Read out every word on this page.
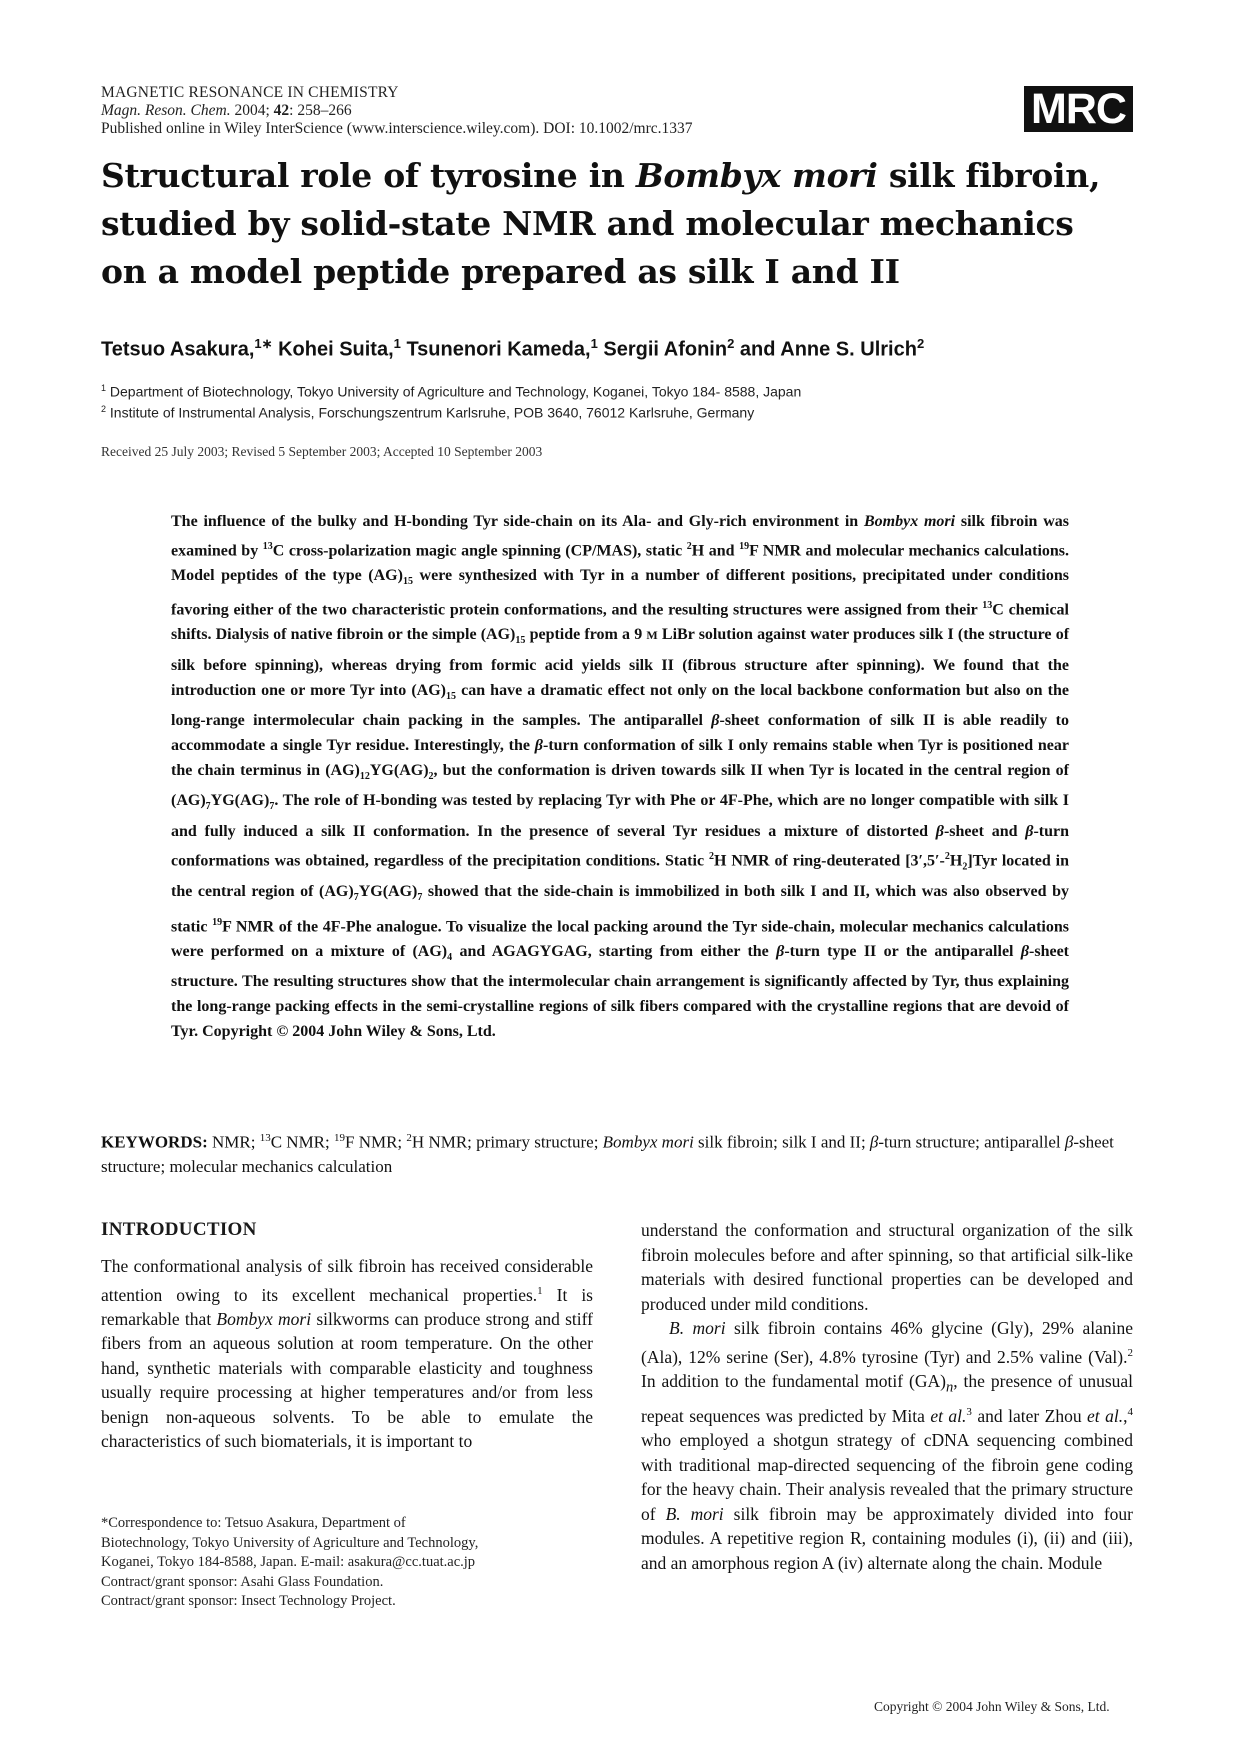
MAGNETIC RESONANCE IN CHEMISTRY
Magn. Reson. Chem. 2004; 42: 258–266
Published online in Wiley InterScience (www.interscience.wiley.com). DOI: 10.1002/mrc.1337	MRC
Structural role of tyrosine in Bombyx mori silk fibroin,
studied by solid-state NMR and molecular mechanics
on a model peptide prepared as silk I and II
Tetsuo Asakura,$^{1∗}$ Kohei Suita,$^1$ Tsunenori Kameda,$^1$ Sergii Afonin$^2$ and Anne S. Ulrich$^2$
$^1$ Department of Biotechnology, Tokyo University of Agriculture and Technology, Koganei, Tokyo 184- 8588, Japan
$^2$ Institute of Instrumental Analysis, Forschungszentrum Karlsruhe, POB 3640, 76012 Karlsruhe, Germany
Received 25 July 2003; Revised 5 September 2003; Accepted 10 September 2003

The influence of the bulky and H-bonding Tyr side-chain on its Ala- and Gly-rich environment in Bombyx mori silk fibroin was examined by $^{13}$C cross-polarization magic angle spinning (CP/MAS), static $^2$H and $^{19}$F NMR and molecular mechanics calculations. Model peptides of the type $(AG)_{15}$ were synthesized with Tyr in a number of different positions, precipitated under conditions favoring either of the two characteristic protein conformations, and the resulting structures were assigned from their $^{13}$C chemical shifts. Dialysis of native fibroin or the simple $(AG)_{15}$ peptide from a 9 M LiBr solution against water produces silk I (the structure of silk before spinning), whereas drying from formic acid yields silk II (fibrous structure after spinning). We found that the introduction one or more Tyr into $(AG)_{15}$ can have a dramatic effect not only on the local backbone conformation but also on the long-range intermolecular chain packing in the samples. The antiparallel β-sheet conformation of silk II is able readily to accommodate a single Tyr residue. Interestingly, the β-turn conformation of silk I only remains stable when Tyr is positioned near the chain terminus in $(AG)_{12}YG(AG)_2$, but the conformation is driven towards silk II when Tyr is located in the central region of $(AG)_7YG(AG)_7$. The role of H-bonding was tested by replacing Tyr with Phe or 4F-Phe, which are no longer compatible with silk I and fully induced a silk II conformation. In the presence of several Tyr residues a mixture of distorted β-sheet and β-turn conformations was obtained, regardless of the precipitation conditions. Static $^2$H NMR of ring-deuterated $[3',5'-^2H_2]Tyr$ located in the central region of $(AG)_7YG(AG)_7$ showed that the side-chain is immobilized in both silk I and II, which was also observed by static $^{19}$F NMR of the 4F-Phe analogue. To visualize the local packing around the Tyr side-chain, molecular mechanics calculations were performed on a mixture of $(AG)_4$ and AGAGYGAG, starting from either the β-turn type II or the antiparallel β-sheet structure. The resulting structures show that the intermolecular chain arrangement is significantly affected by Tyr, thus explaining the long-range packing effects in the semi-crystalline regions of silk fibers compared with the crystalline regions that are devoid of Tyr. Copyright © 2004 John Wiley & Sons, Ltd.

KEYWORDS: NMR; $^{13}$C NMR; $^{19}$F NMR; $^2$H NMR; primary structure; Bombyx mori silk fibroin; silk I and II; β-turn structure; antiparallel β-sheet structure; molecular mechanics calculation
INTRODUCTION

The conformational analysis of silk fibroin has received considerable attention owing to its excellent mechanical properties.$^1$ It is remarkable that Bombyx mori silkworms can produce strong and stiff fibers from an aqueous solution at room temperature. On the other hand, synthetic materials with comparable elasticity and toughness usually require processing at higher temperatures and/or from less benign non-aqueous solvents. To be able to emulate the characteristics of such biomaterials, it is important to

understand the conformation and structural organization of the silk fibroin molecules before and after spinning, so that artificial silk-like materials with desired functional properties can be developed and produced under mild conditions.

B. mori silk fibroin contains 46% glycine (Gly), 29% alanine (Ala), 12% serine (Ser), 4.8% tyrosine (Tyr) and 2.5% valine (Val).$^2$ In addition to the fundamental motif $(GA)_n$, the presence of unusual repeat sequences was predicted by Mita et al.$^3$ and later Zhou et al.,$^4$ who employed a shotgun strategy of cDNA sequencing combined with traditional map-directed sequencing of the fibroin gene coding for the heavy chain. Their analysis revealed that the primary structure of B. mori silk fibroin may be approximately divided into four modules. A repetitive region R, containing modules (i), (ii) and (iii), and an amorphous region A (iv) alternate along the chain. Module

*Correspondence to: Tetsuo Asakura, Department of
Biotechnology, Tokyo University of Agriculture and Technology,
Koganei, Tokyo 184-8588, Japan. E-mail: asakura@cc.tuat.ac.jp
Contract/grant sponsor: Asahi Glass Foundation.
Contract/grant sponsor: Insect Technology Project.
Copyright © 2004 John Wiley & Sons, Ltd.
